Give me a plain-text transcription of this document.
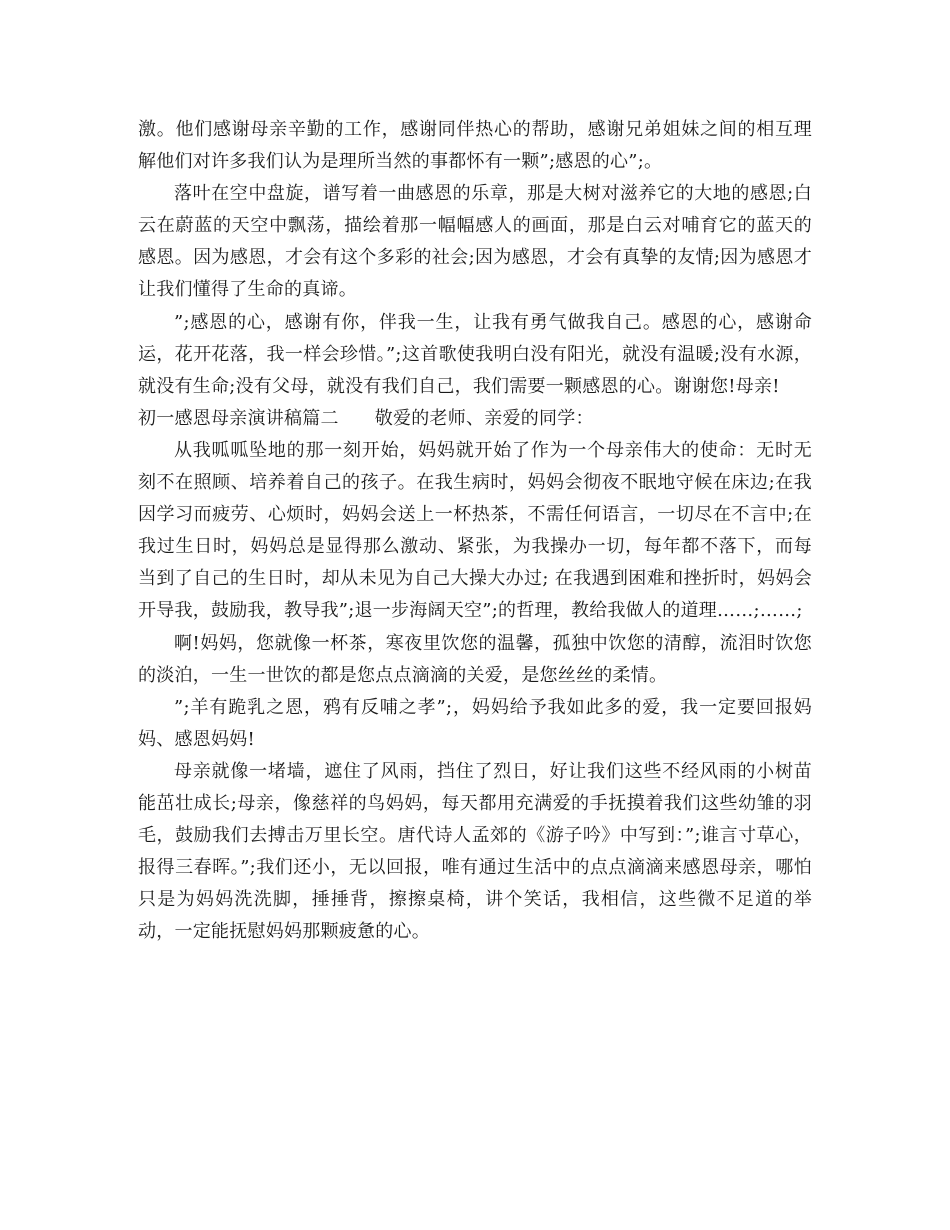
激。他们感谢母亲辛勤的工作，感谢同伴热心的帮助，感谢兄弟姐妹之间的相互理解他们对许多我们认为是理所当然的事都怀有一颗”;感恩的心”;。

落叶在空中盘旋，谱写着一曲感恩的乐章，那是大树对滋养它的大地的感恩;白云在蔚蓝的天空中飘荡，描绘着那一幅幅感人的画面，那是白云对哺育它的蓝天的感恩。因为感恩，才会有这个多彩的社会;因为感恩，才会有真挚的友情;因为感恩才让我们懂得了生命的真谛。

”;感恩的心，感谢有你，伴我一生，让我有勇气做我自己。感恩的心，感谢命运，花开花落，我一样会珍惜。”;这首歌使我明白没有阳光，就没有温暖;没有水源，就没有生命;没有父母，就没有我们自己，我们需要一颗感恩的心。谢谢您!母亲!

初一感恩母亲演讲稿篇二 敬爱的老师、亲爱的同学：

从我呱呱坠地的那一刻开始，妈妈就开始了作为一个母亲伟大的使命：无时无刻不在照顾、培养着自己的孩子。在我生病时，妈妈会彻夜不眠地守候在床边;在我因学习而疲劳、心烦时，妈妈会送上一杯热茶，不需任何语言，一切尽在不言中;在我过生日时，妈妈总是显得那么激动、紧张，为我操办一切，每年都不落下，而每当到了自己的生日时，却从未见为自己大操大办过; 在我遇到困难和挫折时，妈妈会开导我，鼓励我，教导我”;退一步海阔天空”;的哲理，教给我做人的道理……;……;

啊!妈妈，您就像一杯茶，寒夜里饮您的温馨，孤独中饮您的清醇，流泪时饮您的淡泊，一生一世饮的都是您点点滴滴的关爱，是您丝丝的柔情。

”;羊有跪乳之恩，鸦有反哺之孝”;，妈妈给予我如此多的爱，我一定要回报妈妈、感恩妈妈!

母亲就像一堵墙，遮住了风雨，挡住了烈日，好让我们这些不经风雨的小树苗能茁壮成长;母亲，像慈祥的鸟妈妈，每天都用充满爱的手抚摸着我们这些幼雏的羽毛，鼓励我们去搏击万里长空。唐代诗人孟郊的《游子吟》中写到：”;谁言寸草心，报得三春晖。”;我们还小，无以回报，唯有通过生活中的点点滴滴来感恩母亲，哪怕只是为妈妈洗洗脚，捶捶背，擦擦桌椅，讲个笑话，我相信，这些微不足道的举动，一定能抚慰妈妈那颗疲惫的心。
